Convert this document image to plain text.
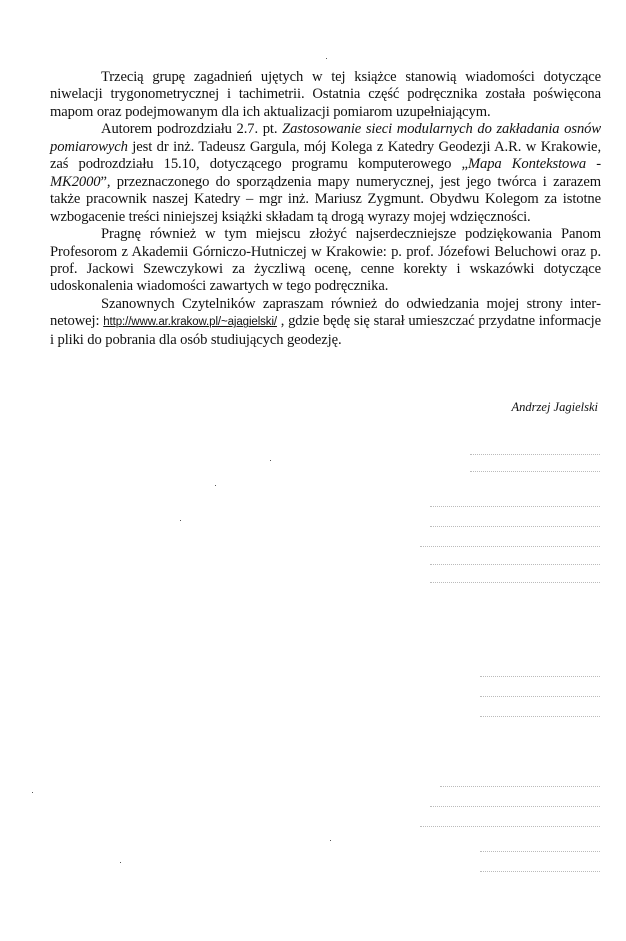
Trzecią grupę zagadnień ujętych w tej książce stanowią wiadomości dotyczące niwelacji trygonometrycznej i tachimetrii. Ostatnia część podręcznika została poświęcona mapom oraz podejmowanym dla ich aktualizacji pomiarom uzupełniającym.

Autorem podrozdziału 2.7. pt. Zastosowanie sieci modularnych do zakładania osnów pomiarowych jest dr inż. Tadeusz Gargula, mój Kolega z Katedry Geodezji A.R. w Krakowie, zaś podrozdziału 15.10, dotyczącego programu komputerowego „Mapa Kontekstowa - MK2000”, przeznaczonego do sporządzenia mapy numerycznej, jest jego twórca i zarazem także pracownik naszej Katedry – mgr inż. Mariusz Zygmunt. Obydwu Kolegom za istotne wzbogacenie treści niniejszej książki składam tą drogą wyrazy mojej wdzięczności.

Pragnę również w tym miejscu złożyć najserdeczniejsze podziękowania Panom Profesorom z Akademii Górniczo-Hutniczej w Krakowie: p. prof. Józefowi Beluchowi oraz p. prof. Jackowi Szewczykowi za życzliwą ocenę, cenne korekty i wskazówki dotyczące udoskonalenia wiadomości zawartych w tego podręcznika.

Szanownych Czytelników zapraszam również do odwiedzania mojej strony internetowej: http://www.ar.krakow.pl/~ajagielski/ , gdzie będę się starał umieszczać przydatne informacje i pliki do pobrania dla osób studiujących geodezję.

Andrzej Jagielski
